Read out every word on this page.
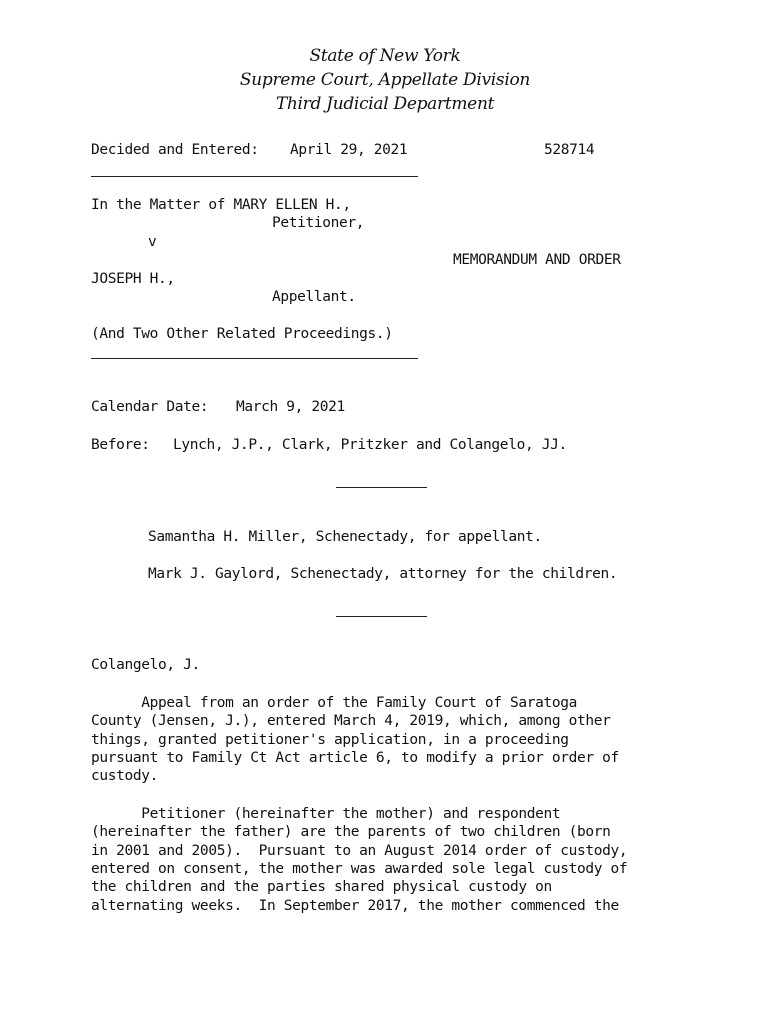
State of New York
Supreme Court, Appellate Division
Third Judicial Department
Decided and Entered: April 29, 2021	528714
In the Matter of MARY ELLEN H.,
Petitioner,
v
MEMORANDUM AND ORDER
JOSEPH H.,
Appellant.
(And Two Other Related Proceedings.)
Calendar Date: March 9, 2021
Before: Lynch, J.P., Clark, Pritzker and Colangelo, JJ.
Samantha H. Miller, Schenectady, for appellant.
Mark J. Gaylord, Schenectady, attorney for the children.
Colangelo, J.
Appeal from an order of the Family Court of Saratoga
County (Jensen, J.), entered March 4, 2019, which, among other
things, granted petitioner's application, in a proceeding
pursuant to Family Ct Act article 6, to modify a prior order of
custody.
Petitioner (hereinafter the mother) and respondent
(hereinafter the father) are the parents of two children (born
in 2001 and 2005).  Pursuant to an August 2014 order of custody,
entered on consent, the mother was awarded sole legal custody of
the children and the parties shared physical custody on
alternating weeks.  In September 2017, the mother commenced the
